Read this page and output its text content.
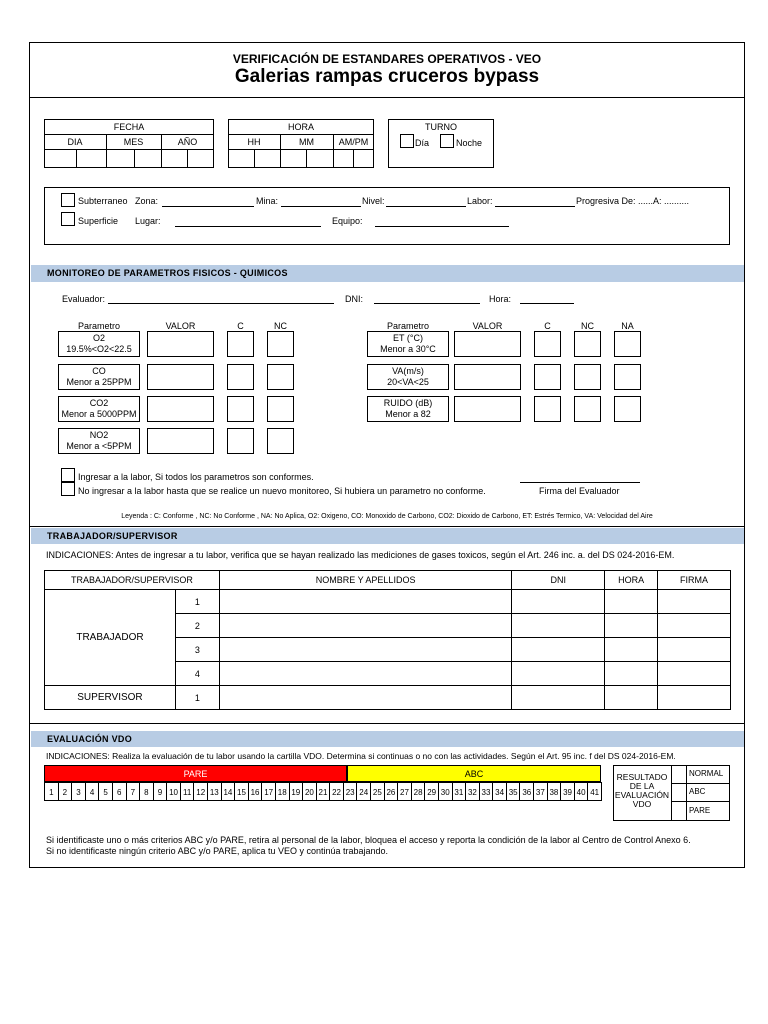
VERIFICACIÓN DE ESTANDARES OPERATIVOS - VEO
Galerias rampas cruceros bypass
FECHA
DIA	MES	AÑO
HORA
HH	MM	AM/PM
TURNO
Día	Noche
Subterraneo Zona:	Mina:	Nivel:	Labor:	Progresiva De: ......A: ..........
Superficie Lugar:	Equipo:
MONITOREO DE PARAMETROS FISICOS - QUIMICOS
Evaluador:	DNI:	Hora:
Parametro	VALOR	C	NC
O2
19.5%<O2<22.5
CO
Menor a 25PPM
CO2
Menor a 5000PPM
NO2
Menor a <5PPM
Parametro	VALOR	C	NC	NA
ET (°C)
Menor a 30°C
VA(m/s)
20<VA<25
RUIDO (dB)
Menor a 82
Ingresar a la labor, Si todos los parametros son conformes.
No ingresar a la labor hasta que se realice un nuevo monitoreo, Si hubiera un parametro no conforme.	Firma del Evaluador
Leyenda : C: Conforme , NC: No Conforme , NA: No Aplica, O2: Oxigeno, CO: Monoxido de Carbono, CO2: Dioxido de Carbono, ET: Estrés Termico, VA: Velocidad del Aire
TRABAJADOR/SUPERVISOR
INDICACIONES: Antes de ingresar a tu labor, verifica que se hayan realizado las mediciones de gases toxicos, según el Art. 246 inc. a. del DS 024-2016-EM.
TRABAJADOR/SUPERVISOR		NOMBRE Y APELLIDOS	DNI	HORA	FIRMA
TRABAJADOR	1				
	2				
	3				
	4				
SUPERVISOR	1				
EVALUACIÓN VDO
INDICACIONES: Realiza la evaluación de tu labor usando la cartilla VDO. Determina si continuas o no con las actividades. Según el Art. 95 inc. f del DS 024-2016-EM.
PARE	ABC
1	2	3	4	5	6	7	8	9 10 11 12 13 14 15 16 17 18 19 20 21 22 23 24 25 26 27 28 29 30 31 32 33 34 35 36 37 38 39 40 41
RESULTADO DE LA EVALUACIÓN VDO
NORMAL
ABC
PARE
Si identificaste uno o más criterios ABC y/o PARE, retira al personal de la labor, bloquea el acceso y reporta la condición de la labor al Centro de Control Anexo 6.
Si no identificaste ningún criterio ABC y/o PARE, aplica tu VEO y continúa trabajando.
